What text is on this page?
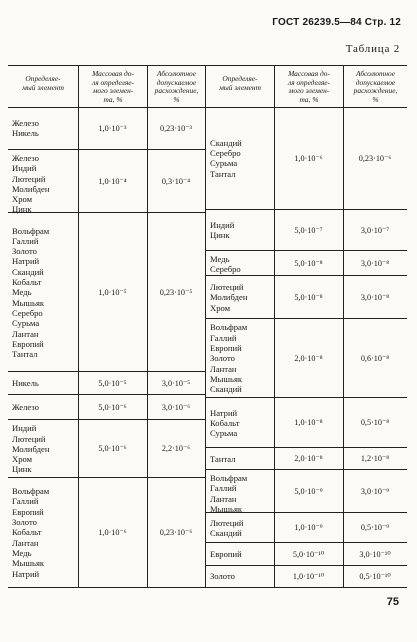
ГОСТ 26239.5—84 Стр. 12
Таблица 2
Определяе-
мый элемент
Массовая до-
ля определяе-
мого элемен-
та, %
Абсолютное
допускаемое
расхождение,
%
Железо
Никель
1,0·10⁻³	0,23·10⁻³
Железо
Индий
Лютеций
Молибден
Хром
Цинк
1,0·10⁻⁴	0,3·10⁻⁴
Вольфрам
Галлий
Золото
Натрий
Скандий
Кобальт
Медь
Мышьяк
Серебро
Сурьма
Лантан
Европий
Тантал
1,0·10⁻⁵	0,23·10⁻⁵
Никель	5,0·10⁻⁵	3,0·10⁻⁵
Железо	5,0·10⁻⁶	3,0·10⁻⁶
Индий
Лютеций
Молибден
Хром
Цинк
5,0·10⁻⁶	2,2·10⁻⁶
Вольфрам
Галлий
Европий
Золото
Кобальт
Лантан
Медь
Мышьяк
Натрий
1,0·10⁻⁶	0,23·10⁻⁶
Определяе-
мый элемент
Массовая до-
ля определяе-
мого элемен-
та, %
Абсолютное
допускаемое
расхождение,
%
Скандий
Серебро
Сурьма
Тантал
1,0·10⁻⁶	0,23·10⁻⁶
Индий
Цинк
5,0·10⁻⁷	3,0·10⁻⁷
Медь
Серебро
5,0·10⁻⁸	3,0·10⁻⁸
Лютеций
Молибден
Хром
5,0·10⁻⁸	3,0·10⁻⁸
Вольфрам
Галлий
Европий
Золото
Лантан
Мышьяк
Скандий
2,0·10⁻⁸	0,6·10⁻⁸
Натрий
Кобальт
Сурьма
1,0·10⁻⁸	0,5·10⁻⁸
Тантал	2,0·10⁻⁸	1,2·10⁻⁸
Вольфрам
Галлий
Лантан
Мышьяк
5,0·10⁻⁹	3,0·10⁻⁹
Лютеций
Скандий
1,0·10⁻⁹	0,5·10⁻⁹
Европий	5,0·10⁻¹⁰	3,0·10⁻¹⁰
Золото	1,0·10⁻¹⁰	0,5·10⁻¹⁰
75
